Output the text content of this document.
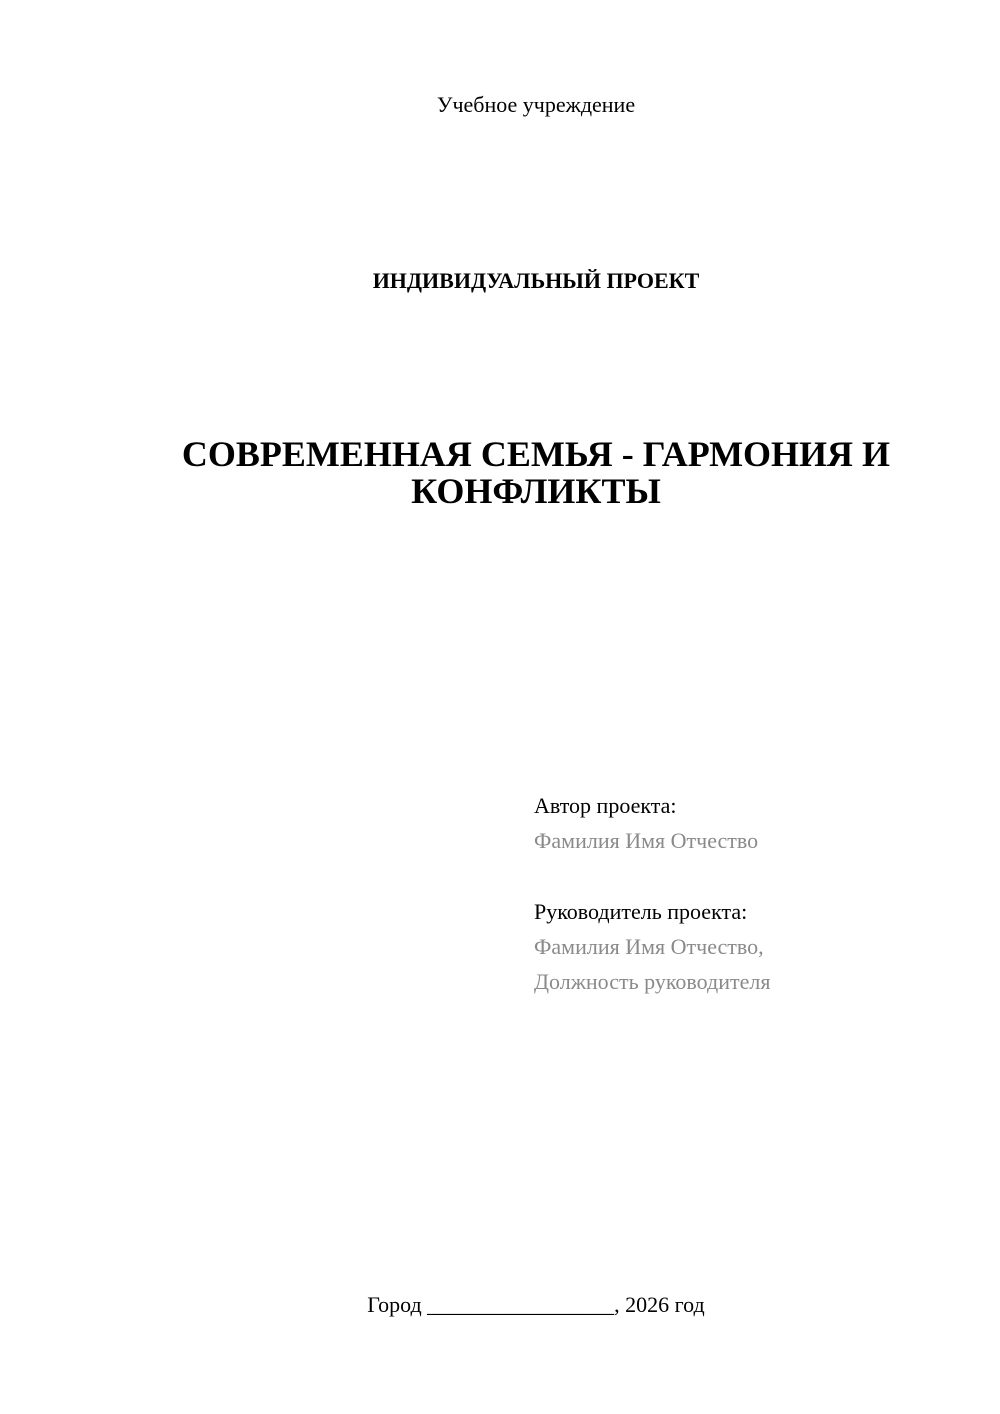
Учебное учреждение
ИНДИВИДУАЛЬНЫЙ ПРОЕКТ
СОВРЕМЕННАЯ СЕМЬЯ - ГАРМОНИЯ И
КОНФЛИКТЫ
Автор проекта:
Фамилия Имя Отчество
Руководитель проекта:
Фамилия Имя Отчество,
Должность руководителя
Город _________________, 2026 год
